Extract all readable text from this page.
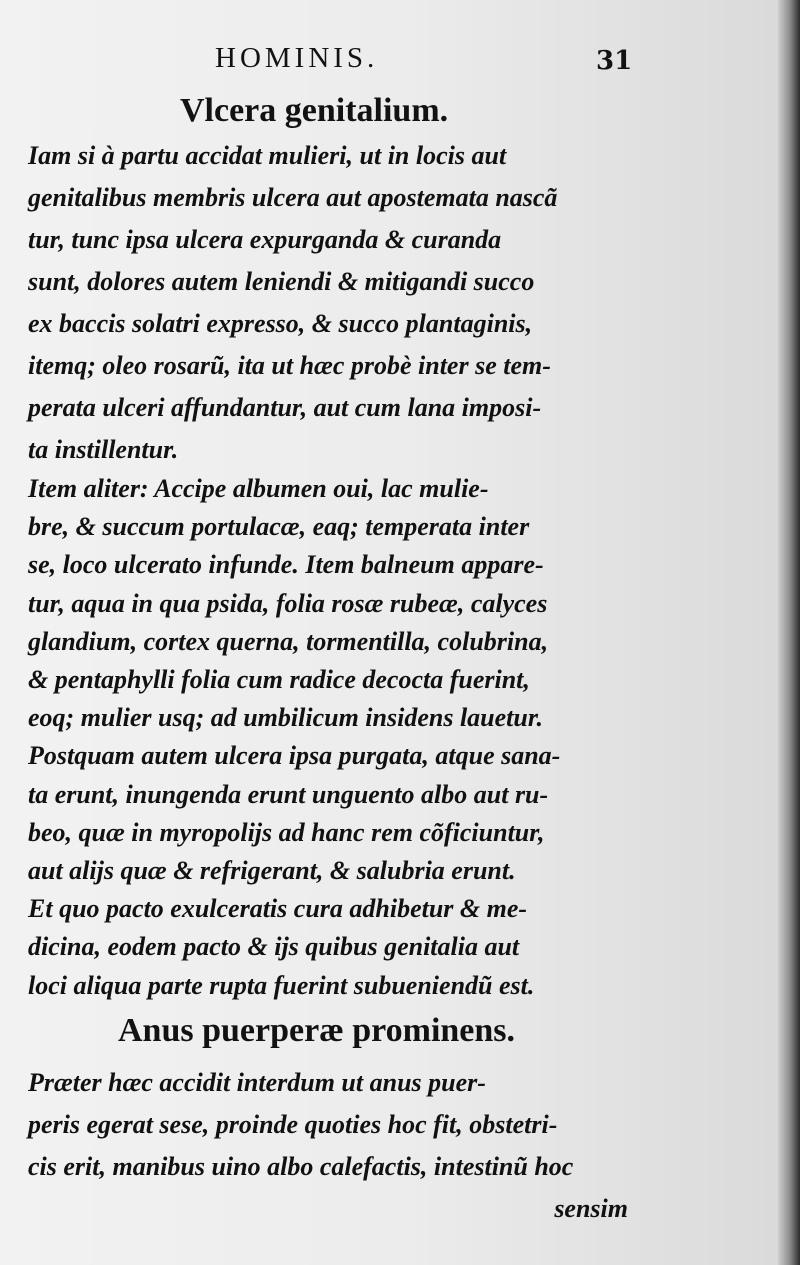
HOMINIS.	31
Vlcera genitalium.
Iam si à partu accidat mulieri, ut in locis aut
genitalibus membris ulcera aut apostemata nascã
tur, tunc ipsa ulcera expurganda & curanda
sunt, dolores autem leniendi & mitigandi succo
ex baccis solatri expresso, & succo plantaginis,
itemq; oleo rosarũ, ita ut hæc probè inter se tem-
perata ulceri affundantur, aut cum lana imposi-
ta instillentur.
Item aliter: Accipe albumen oui, lac mulie-
bre, & succum portulacæ, eaq; temperata inter
se, loco ulcerato infunde. Item balneum appare-
tur, aqua in qua psida, folia rosæ rubeæ, calyces
glandium, cortex querna, tormentilla, colubrina,
& pentaphylli folia cum radice decocta fuerint,
eoq; mulier usq; ad umbilicum insidens lauetur.
Postquam autem ulcera ipsa purgata, atque sana-
ta erunt, inungenda erunt unguento albo aut ru-
beo, quæ in myropolijs ad hanc rem cõficiuntur,
aut alijs quæ & refrigerant, & salubria erunt.
Et quo pacto exulceratis cura adhibetur & me-
dicina, eodem pacto & ijs quibus genitalia aut
loci aliqua parte rupta fuerint subueniendũ est.
Anus puerperæ prominens.
Præter hæc accidit interdum ut anus puer-
peris egerat sese, proinde quoties hoc fit, obstetri-
cis erit, manibus uino albo calefactis, intestinũ hoc
sensim
